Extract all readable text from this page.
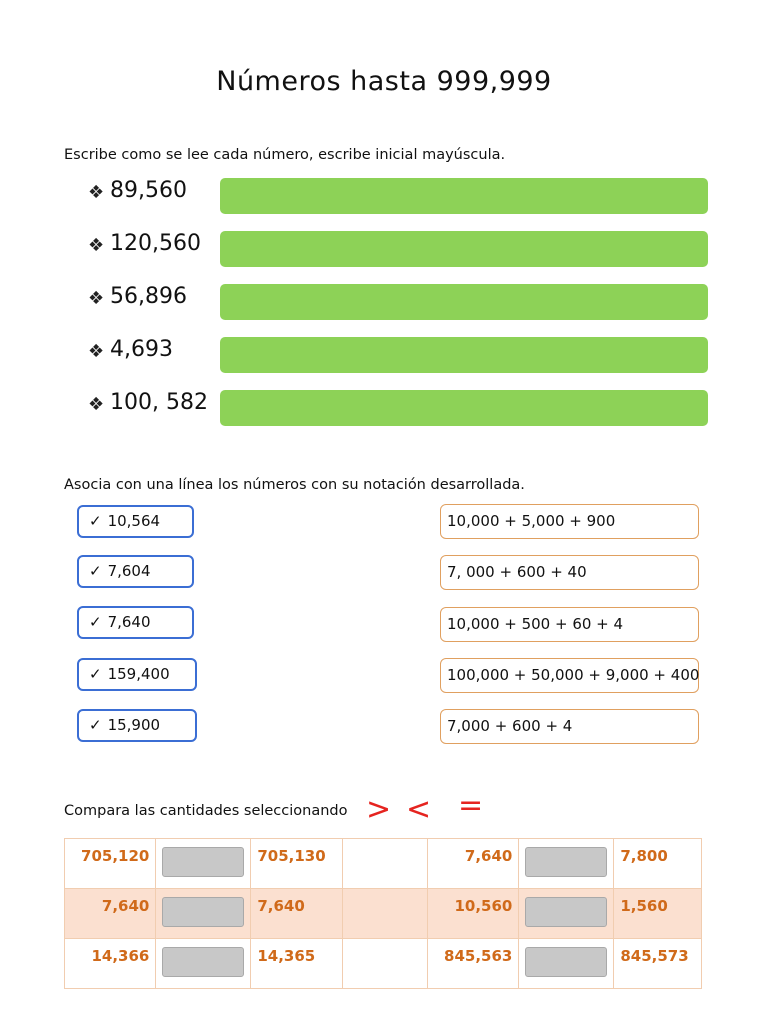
Números hasta 999,999
Escribe como se lee cada número, escribe inicial mayúscula.
❖ 89,560
❖ 120,560
❖ 56,896
❖ 4,693
❖ 100, 582
Asocia con una línea los números con su notación desarrollada.
✓ 10,564
✓ 7,604
✓ 7,640
✓ 159,400
✓ 15,900
10,000 + 5,000 + 900
7, 000 + 600 + 40
10,000 + 500 + 60 + 4
100,000 + 50,000 + 9,000 + 400
7,000 + 600 + 4
Compara las cantidades seleccionando > < =
705,120		705,130		7,640		7,800
7,640		7,640		10,560		1,560
14,366		14,365		845,563		845,573
